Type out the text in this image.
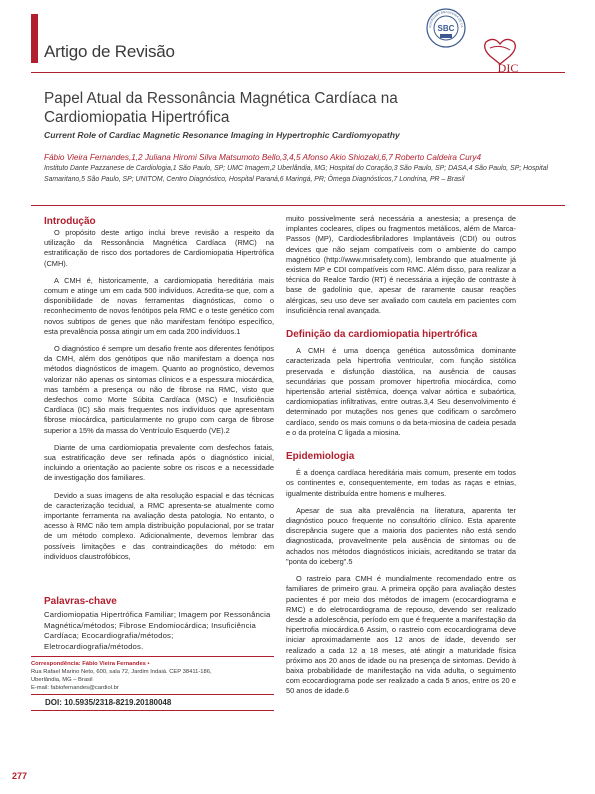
Artigo de Revisão
SBC
SOCIEDADE BRASILEIRA DE CA
DIC
Papel Atual da Ressonância Magnética Cardíaca na
Cardiomiopatia Hipertrófica
Current Role of Cardiac Magnetic Resonance Imaging in Hypertrophic Cardiomyopathy
Fábio Vieira Fernandes,1,2 Juliana Hiromi Silva Matsumoto Bello,3,4,5 Afonso Akio Shiozaki,6,7 Roberto Caldeira Cury4
Instituto Dante Pazzanese de Cardiologia,1 São Paulo, SP; UMC Imagem,2 Uberlândia, MG; Hospital do Coração,3 São Paulo, SP; DASA,4 São Paulo, SP; Hospital Samaritano,5 São Paulo, SP; UNITOM, Centro Diagnóstico, Hospital Paraná,6 Maringá, PR; Ômega Diagnósticos,7 Londrina, PR – Brasil
Introdução

O propósito deste artigo inclui breve revisão a respeito da utilização da Ressonância Magnética Cardíaca (RMC) na estratificação de risco dos portadores de Cardiomiopatia Hipertrófica (CMH).

A CMH é, historicamente, a cardiomiopatia hereditária mais comum e atinge um em cada 500 indivíduos. Acredita-se que, com a disponibilidade de novas ferramentas diagnósticas, como o reconhecimento de novos fenótipos pela RMC e o teste genético com novos subtipos de genes que não manifestam fenótipo específico, esta prevalência possa atingir um em cada 200 indivíduos.1

O diagnóstico é sempre um desafio frente aos diferentes fenótipos da CMH, além dos genótipos que não manifestam a doença nos métodos diagnósticos de imagem. Quanto ao prognóstico, devemos valorizar não apenas os sintomas clínicos e a espessura miocárdica, mas também a presença ou não de fibrose na RMC, visto que desfechos como Morte Súbita Cardíaca (MSC) e Insuficiência Cardíaca (IC) são mais frequentes nos indivíduos que apresentam fibrose miocárdica, particularmente no grupo com carga de fibrose superior a 15% da massa do Ventrículo Esquerdo (VE).2

Diante de uma cardiomiopatia prevalente com desfechos fatais, sua estratificação deve ser refinada após o diagnóstico inicial, incluindo a orientação ao paciente sobre os riscos e a necessidade de investigação dos familiares.

Devido a suas imagens de alta resolução espacial e das técnicas de caracterização tecidual, a RMC apresenta-se atualmente como importante ferramenta na avaliação desta patologia. No entanto, o acesso à RMC não tem ampla distribuição populacional, por se tratar de um método complexo. Adicionalmente, devemos lembrar das possíveis limitações e das contraindicações do método: em indivíduos claustrofóbicos,

Palavras-chave
Cardiomiopatia Hipertrófica Familiar; Imagem por Ressonância Magnética/métodos; Fibrose Endomiocárdica; Insuficiência Cardíaca; Ecocardiografia/métodos; Eletrocardiografia/métodos.
Correspondência: Fábio Vieira Fernandes •
Rua Rafael Marino Neto, 600, sala 72, Jardim Indaiá. CEP 38411-186,
Uberlândia, MG – Brasil
E-mail: fabiofernandes@cardiol.br
DOI: 10.5935/2318-8219.20180048

muito possivelmente será necessária a anestesia; a presença de implantes cocleares, clipes ou fragmentos metálicos, além de Marca-Passos (MP), Cardiodesfibriladores Implantáveis (CDI) ou outros devices que não sejam compatíveis com o ambiente do campo magnético (http://www.mrisafety.com), lembrando que atualmente já existem MP e CDI compatíveis com RMC. Além disso, para realizar a técnica do Realce Tardio (RT) é necessária a injeção de contraste à base de gadolínio que, apesar de raramente causar reações alérgicas, seu uso deve ser avaliado com cautela em pacientes com insuficiência renal avançada.

Definição da cardiomiopatia hipertrófica

A CMH é uma doença genética autossômica dominante caracterizada pela hipertrofia ventricular, com função sistólica preservada e disfunção diastólica, na ausência de causas secundárias que possam promover hipertrofia miocárdica, como hipertensão arterial sistêmica, doença valvar aórtica e subaórtica, cardiomiopatias infiltrativas, entre outras.3,4 Seu desenvolvimento é determinado por mutações nos genes que codificam o sarcômero cardíaco, sendo os mais comuns o da beta-miosina de cadeia pesada e o da proteína C ligada a miosina.

Epidemiologia

É a doença cardíaca hereditária mais comum, presente em todos os continentes e, consequentemente, em todas as raças e etnias, igualmente distribuída entre homens e mulheres.

Apesar de sua alta prevalência na literatura, aparenta ter diagnóstico pouco frequente no consultório clínico. Esta aparente discrepância sugere que a maioria dos pacientes não está sendo diagnosticada, provavelmente pela ausência de sintomas ou de achados nos métodos diagnósticos iniciais, acreditando se tratar da "ponta do iceberg".5

O rastreio para CMH é mundialmente recomendado entre os familiares de primeiro grau. A primeira opção para avaliação destes pacientes é por meio dos métodos de imagem (ecocardiograma e RMC) e do eletrocardiograma de repouso, devendo ser realizado desde a adolescência, período em que é frequente a manifestação da hipertrofia miocárdica.6 Assim, o rastreio com ecocardiograma deve iniciar aproximadamente aos 12 anos de idade, devendo ser realizado a cada 12 a 18 meses, até atingir a maturidade física próximo aos 20 anos de idade ou na presença de sintomas. Devido à baixa probabilidade de manifestação na vida adulta, o seguimento com ecocardiograma pode ser realizado a cada 5 anos, entre os 20 e 50 anos de idade.6

277
